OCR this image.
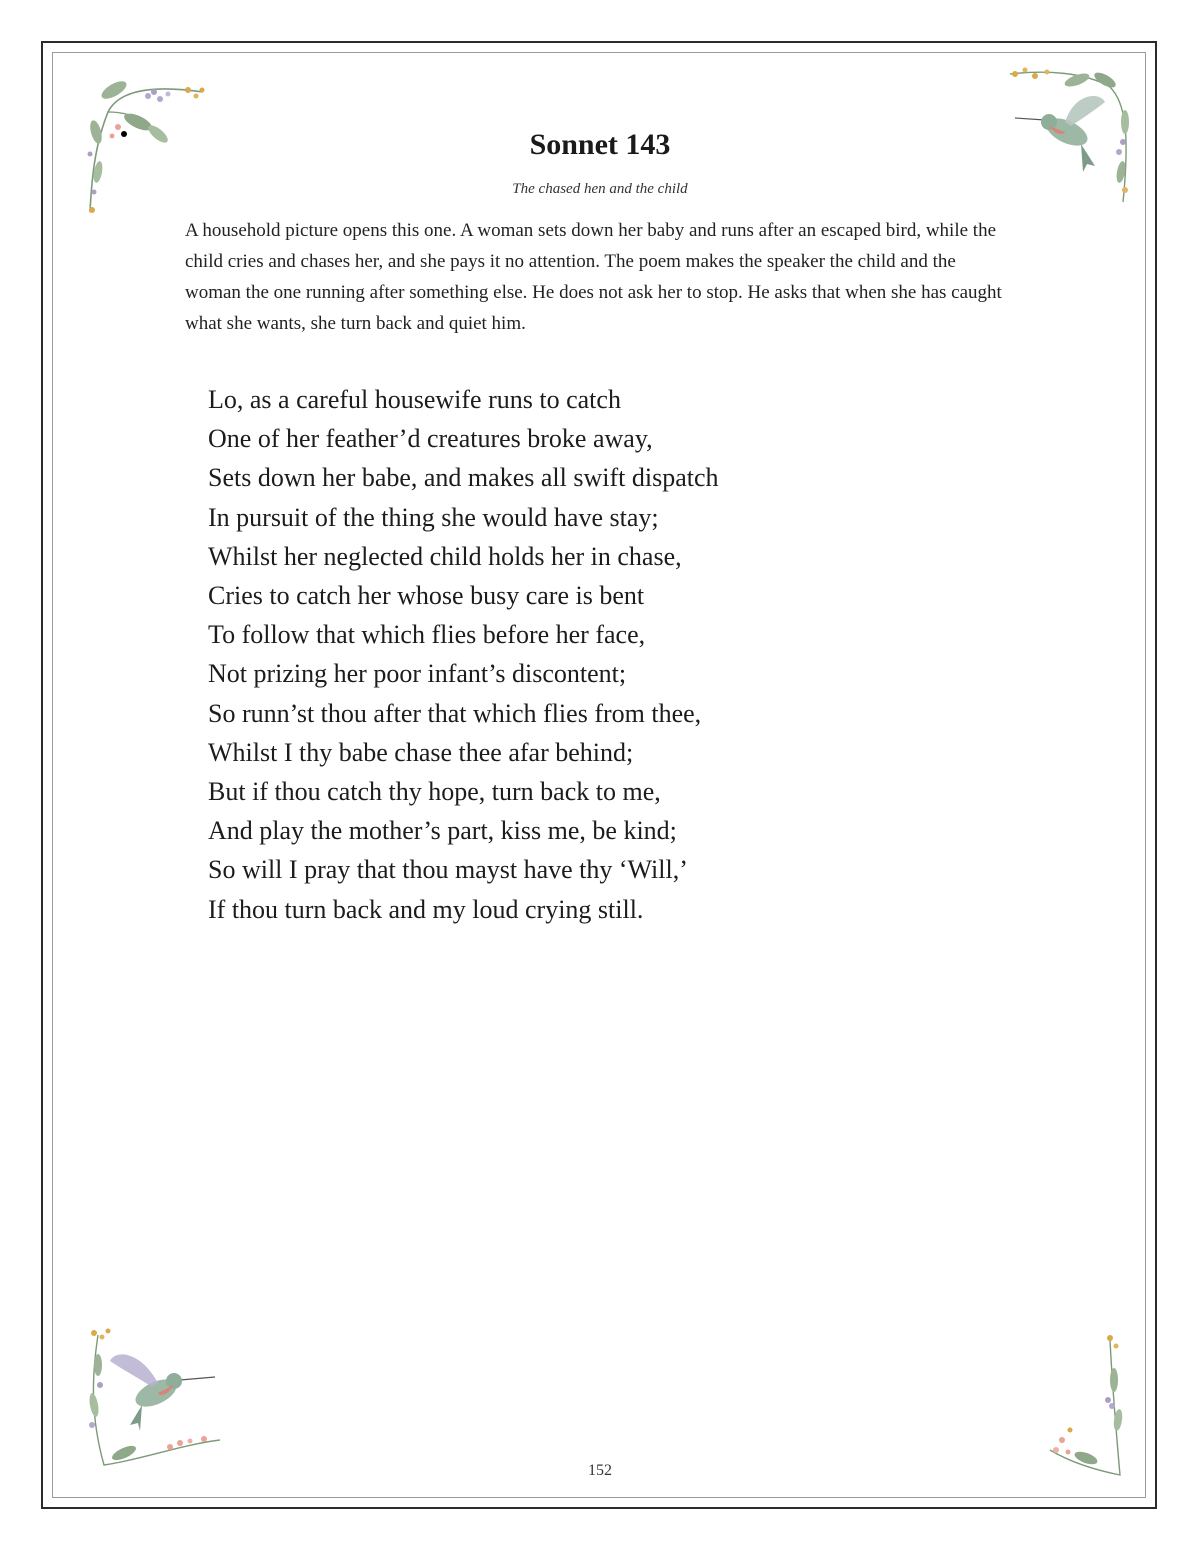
Sonnet 143
The chased hen and the child

A household picture opens this one. A woman sets down her baby and runs after an escaped bird, while the child cries and chases her, and she pays it no attention. The poem makes the speaker the child and the woman the one running after something else. He does not ask her to stop. He asks that when she has caught what she wants, she turn back and quiet him.

Lo, as a careful housewife runs to catch
One of her feather’d creatures broke away,
Sets down her babe, and makes all swift dispatch
In pursuit of the thing she would have stay;
Whilst her neglected child holds her in chase,
Cries to catch her whose busy care is bent
To follow that which flies before her face,
Not prizing her poor infant’s discontent;
So runn’st thou after that which flies from thee,
Whilst I thy babe chase thee afar behind;
But if thou catch thy hope, turn back to me,
And play the mother’s part, kiss me, be kind;
So will I pray that thou mayst have thy ‘Will,’
If thou turn back and my loud crying still.
152
